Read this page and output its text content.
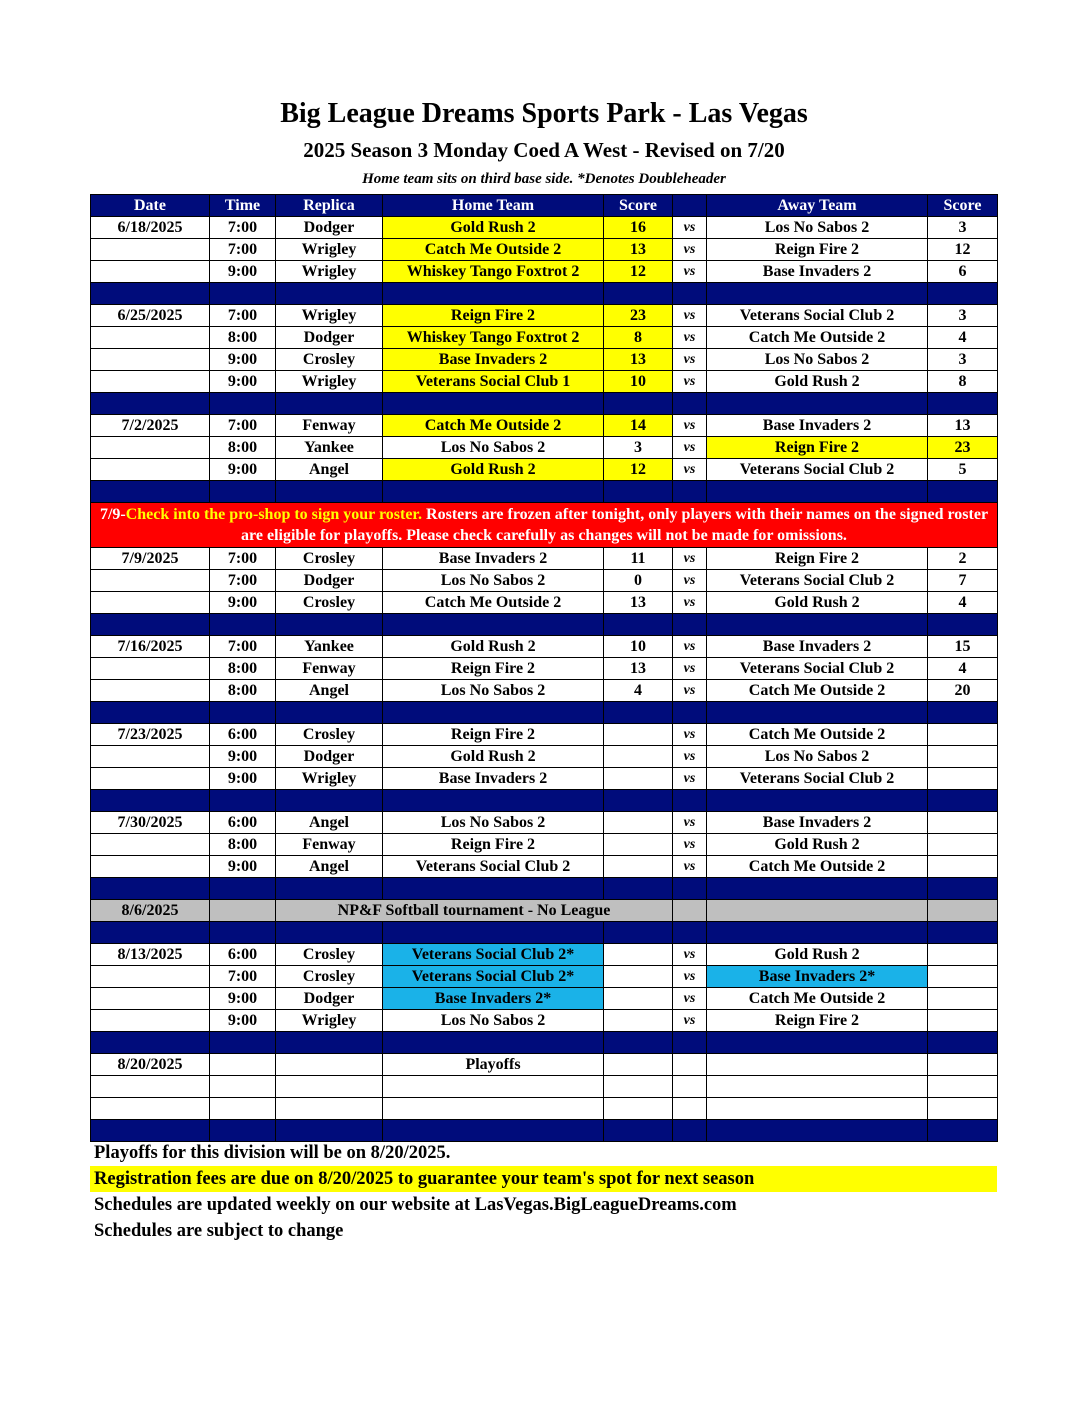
Big League Dreams Sports Park - Las Vegas
2025 Season 3 Monday Coed A West - Revised on 7/20
Home team sits on third base side. *Denotes Doubleheader
Date	Time	Replica	Home Team	Score		Away Team	Score
6/18/2025	7:00	Dodger	Gold Rush 2	16	vs	Los No Sabos 2	3
	7:00	Wrigley	Catch Me Outside 2	13	vs	Reign Fire 2	12
	9:00	Wrigley	Whiskey Tango Foxtrot 2	12	vs	Base Invaders 2	6

6/25/2025	7:00	Wrigley	Reign Fire 2	23	vs	Veterans Social Club 2	3
	8:00	Dodger	Whiskey Tango Foxtrot 2	8	vs	Catch Me Outside 2	4
	9:00	Crosley	Base Invaders 2	13	vs	Los No Sabos 2	3
	9:00	Wrigley	Veterans Social Club 1	10	vs	Gold Rush 2	8

7/2/2025	7:00	Fenway	Catch Me Outside 2	14	vs	Base Invaders 2	13
	8:00	Yankee	Los No Sabos 2	3	vs	Reign Fire 2	23
	9:00	Angel	Gold Rush 2	12	vs	Veterans Social Club 2	5

7/9-Check into the pro-shop to sign your roster. Rosters are frozen after tonight, only players with their names on the signed roster are eligible for playoffs. Please check carefully as changes will not be made for omissions.							
7/9/2025	7:00	Crosley	Base Invaders 2	11	vs	Reign Fire 2	2
	7:00	Dodger	Los No Sabos 2	0	vs	Veterans Social Club 2	7
	9:00	Crosley	Catch Me Outside 2	13	vs	Gold Rush 2	4

7/16/2025	7:00	Yankee	Gold Rush 2	10	vs	Base Invaders 2	15
	8:00	Fenway	Reign Fire 2	13	vs	Veterans Social Club 2	4
	8:00	Angel	Los No Sabos 2	4	vs	Catch Me Outside 2	20

7/23/2025	6:00	Crosley	Reign Fire 2		vs	Catch Me Outside 2	
	9:00	Dodger	Gold Rush 2		vs	Los No Sabos 2	
	9:00	Wrigley	Base Invaders 2		vs	Veterans Social Club 2	

7/30/2025	6:00	Angel	Los No Sabos 2		vs	Base Invaders 2	
	8:00	Fenway	Reign Fire 2		vs	Gold Rush 2	
	9:00	Angel	Veterans Social Club 2		vs	Catch Me Outside 2	

8/6/2025		NP&F Softball tournament - No League					

8/13/2025	6:00	Crosley	Veterans Social Club 2*		vs	Gold Rush 2	
	7:00	Crosley	Veterans Social Club 2*		vs	Base Invaders 2*	
	9:00	Dodger	Base Invaders 2*		vs	Catch Me Outside 2	
	9:00	Wrigley	Los No Sabos 2		vs	Reign Fire 2	

8/20/2025			Playoffs				

Playoffs for this division will be on 8/20/2025.
Registration fees are due on 8/20/2025 to guarantee your team's spot for next season
Schedules are updated weekly on our website at LasVegas.BigLeagueDreams.com
Schedules are subject to change
